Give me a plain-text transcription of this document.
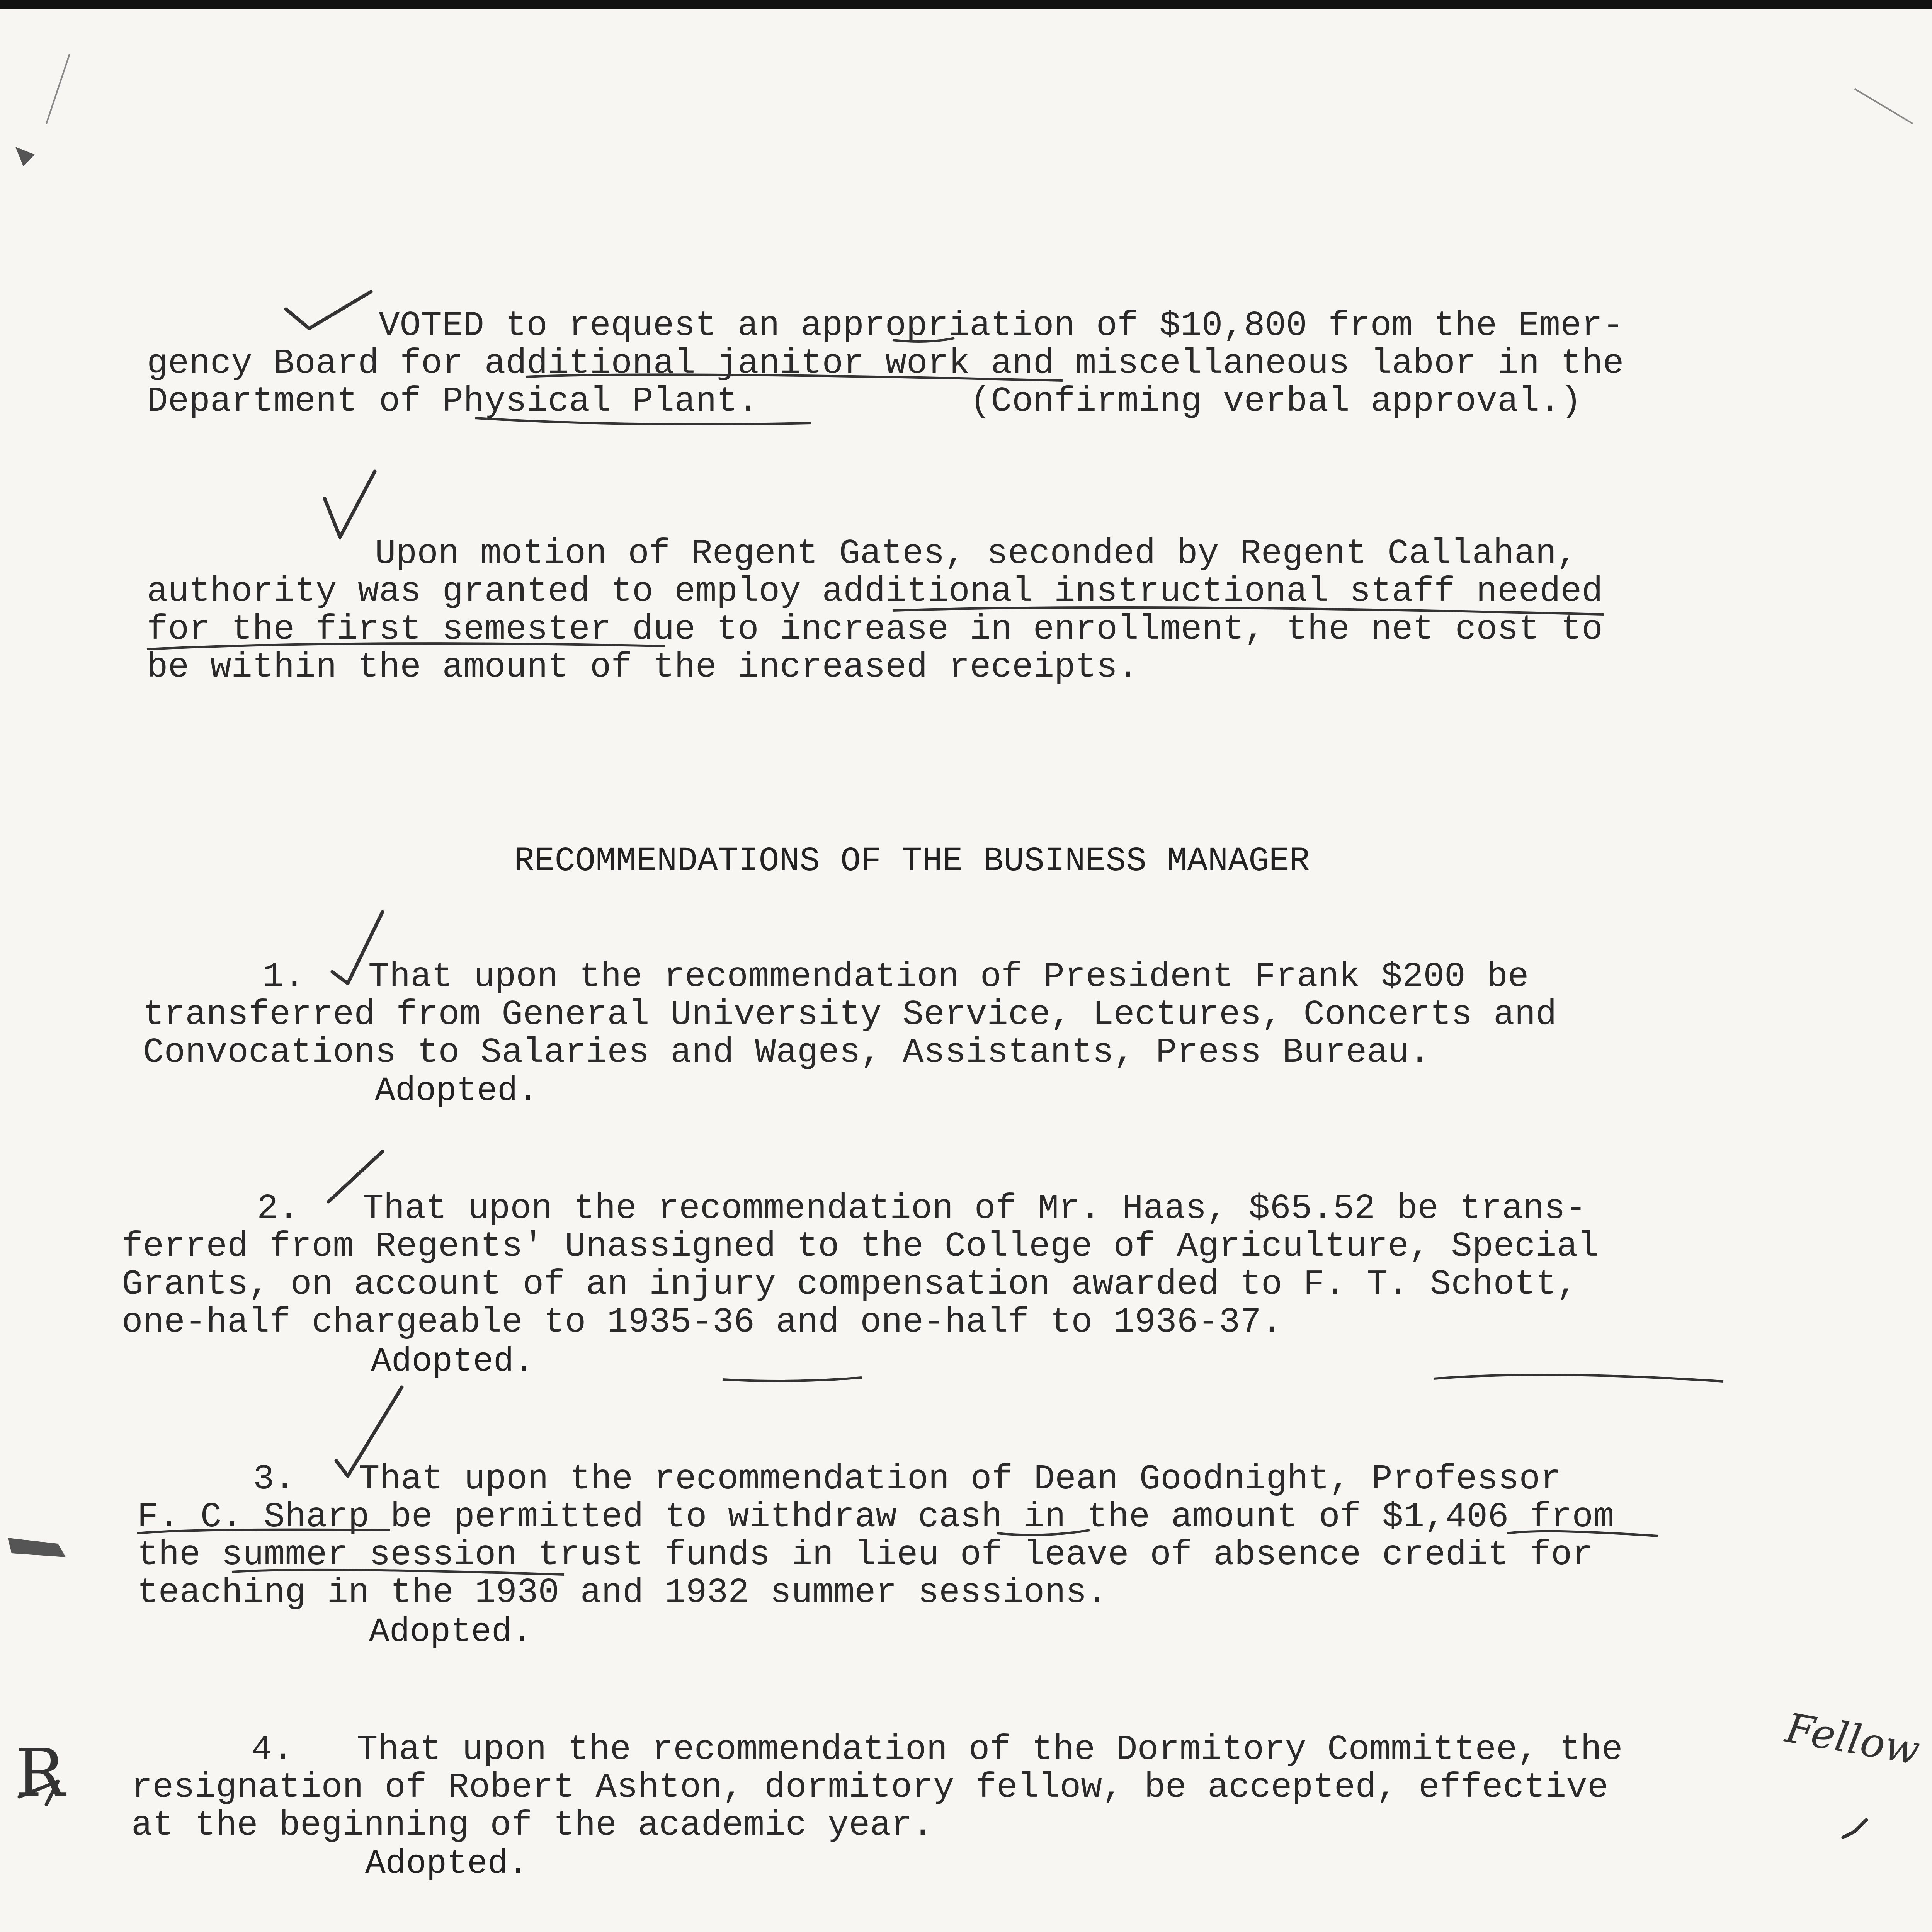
VOTED to request an appropriation of $10,800 from the Emer-
gency Board for additional janitor work and miscellaneous labor in the
Department of Physical Plant.          (Confirming verbal approval.)
Upon motion of Regent Gates, seconded by Regent Callahan,
authority was granted to employ additional instructional staff needed
for the first semester due to increase in enrollment, the net cost to
be within the amount of the increased receipts.
RECOMMENDATIONS OF THE BUSINESS MANAGER
1.   That upon the recommendation of President Frank $200 be
transferred from General University Service, Lectures, Concerts and
Convocations to Salaries and Wages, Assistants, Press Bureau.
Adopted.
2.   That upon the recommendation of Mr. Haas, $65.52 be trans-
ferred from Regents' Unassigned to the College of Agriculture, Special
Grants, on account of an injury compensation awarded to F. T. Schott,
one-half chargeable to 1935-36 and one-half to 1936-37.
Adopted.
3.   That upon the recommendation of Dean Goodnight, Professor
F. C. Sharp be permitted to withdraw cash in the amount of $1,406 from
the summer session trust funds in lieu of leave of absence credit for
teaching in the 1930 and 1932 summer sessions.
Adopted.
4.   That upon the recommendation of the Dormitory Committee, the
resignation of Robert Ashton, dormitory fellow, be accepted, effective
at the beginning of the academic year.
Adopted.
Fellow
R
